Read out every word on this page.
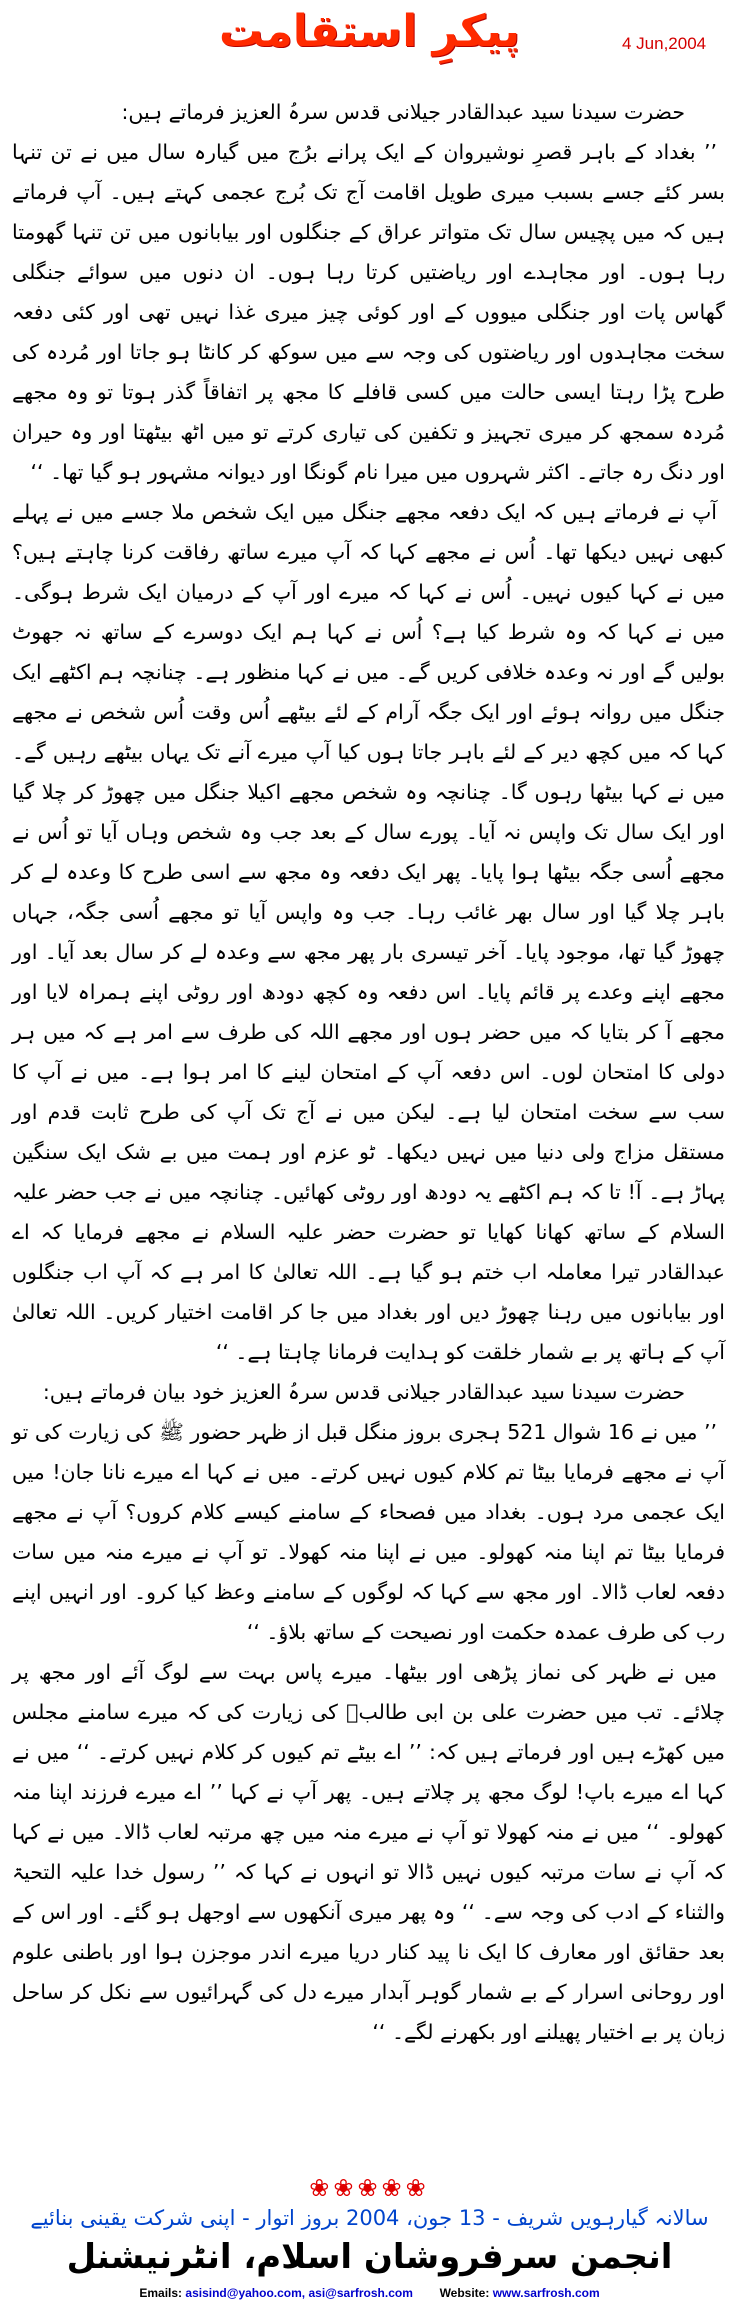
4 Jun,2004
پیکرِ استقامت

حضرت سیدنا سید عبدالقادر جیلانی قدس سرہُ العزیز فرماتے ہیں:

’’ بغداد کے باہر قصرِ نوشیروان کے ایک پرانے برُج میں گیارہ سال میں نے تن تنہا بسر کئے جسے بسبب میری طویل اقامت آج تک بُرج عجمی کہتے ہیں۔ آپ فرماتے ہیں کہ میں پچیس سال تک متواتر عراق کے جنگلوں اور بیابانوں میں تن تنہا گھومتا رہا ہوں۔ اور مجاہدے اور ریاضتیں کرتا رہا ہوں۔ ان دنوں میں سوائے جنگلی گھاس پات اور جنگلی میووں کے اور کوئی چیز میری غذا نہیں تھی اور کئی دفعہ سخت مجاہدوں اور ریاضتوں کی وجہ سے میں سوکھ کر کانٹا ہو جاتا اور مُردہ کی طرح پڑا رہتا ایسی حالت میں کسی قافلے کا مجھ پر اتفاقاً گذر ہوتا تو وہ مجھے مُردہ سمجھ کر میری تجہیز و تکفین کی تیاری کرتے تو میں اٹھ بیٹھتا اور وہ حیران اور دنگ رہ جاتے۔ اکثر شہروں میں میرا نام گونگا اور دیوانہ مشہور ہو گیا تھا۔ ‘‘

آپ نے فرماتے ہیں کہ ایک دفعہ مجھے جنگل میں ایک شخص ملا جسے میں نے پہلے کبھی نہیں دیکھا تھا۔ اُس نے مجھے کہا کہ آپ میرے ساتھ رفاقت کرنا چاہتے ہیں؟ میں نے کہا کیوں نہیں۔ اُس نے کہا کہ میرے اور آپ کے درمیان ایک شرط ہوگی۔ میں نے کہا کہ وہ شرط کیا ہے؟ اُس نے کہا ہم ایک دوسرے کے ساتھ نہ جھوٹ بولیں گے اور نہ وعدہ خلافی کریں گے۔ میں نے کہا منظور ہے۔ چنانچہ ہم اکٹھے ایک جنگل میں روانہ ہوئے اور ایک جگہ آرام کے لئے بیٹھے اُس وقت اُس شخص نے مجھے کہا کہ میں کچھ دیر کے لئے باہر جاتا ہوں کیا آپ میرے آنے تک یہاں بیٹھے رہیں گے۔ میں نے کہا بیٹھا رہوں گا۔ چنانچہ وہ شخص مجھے اکیلا جنگل میں چھوڑ کر چلا گیا اور ایک سال تک واپس نہ آیا۔ پورے سال کے بعد جب وہ شخص وہاں آیا تو اُس نے مجھے اُسی جگہ بیٹھا ہوا پایا۔ پھر ایک دفعہ وہ مجھ سے اسی طرح کا وعدہ لے کر باہر چلا گیا اور سال بھر غائب رہا۔ جب وہ واپس آیا تو مجھے اُسی جگہ، جہاں چھوڑ گیا تھا، موجود پایا۔ آخر تیسری بار پھر مجھ سے وعدہ لے کر سال بعد آیا۔ اور مجھے اپنے وعدے پر قائم پایا۔ اس دفعہ وہ کچھ دودھ اور روٹی اپنے ہمراہ لایا اور مجھے آ کر بتایا کہ میں حضر ہوں اور مجھے اللہ کی طرف سے امر ہے کہ میں ہر دولی کا امتحان لوں۔ اس دفعہ آپ کے امتحان لینے کا امر ہوا ہے۔ میں نے آپ کا سب سے سخت امتحان لیا ہے۔ لیکن میں نے آج تک آپ کی طرح ثابت قدم اور مستقل مزاج ولی دنیا میں نہیں دیکھا۔ ٹو عزم اور ہمت میں بے شک ایک سنگین پہاڑ ہے۔ آ! تا کہ ہم اکٹھے یہ دودھ اور روٹی کھائیں۔ چنانچہ میں نے جب حضر علیہ السلام کے ساتھ کھانا کھایا تو حضرت حضر علیہ السلام نے مجھے فرمایا کہ اے عبدالقادر تیرا معاملہ اب ختم ہو گیا ہے۔ اللہ تعالیٰ کا امر ہے کہ آپ اب جنگلوں اور بیابانوں میں رہنا چھوڑ دیں اور بغداد میں جا کر اقامت اختیار کریں۔ اللہ تعالیٰ آپ کے ہاتھ پر بے شمار خلقت کو ہدایت فرمانا چاہتا ہے۔ ‘‘

حضرت سیدنا سید عبدالقادر جیلانی قدس سرہُ العزیز خود بیان فرماتے ہیں:

’’ میں نے 16 شوال 521 ہجری بروز منگل قبل از ظہر حضور ﷺ کی زیارت کی تو آپ نے مجھے فرمایا بیٹا تم کلام کیوں نہیں کرتے۔ میں نے کہا اے میرے نانا جان! میں ایک عجمی مرد ہوں۔ بغداد میں فصحاء کے سامنے کیسے کلام کروں؟ آپ نے مجھے فرمایا بیٹا تم اپنا منہ کھولو۔ میں نے اپنا منہ کھولا۔ تو آپ نے میرے منہ میں سات دفعہ لعاب ڈالا۔ اور مجھ سے کہا کہ لوگوں کے سامنے وعظ کیا کرو۔ اور انہیں اپنے رب کی طرف عمدہ حکمت اور نصیحت کے ساتھ بلاؤ۔ ‘‘

میں نے ظہر کی نماز پڑھی اور بیٹھا۔ میرے پاس بہت سے لوگ آئے اور مجھ پر چلائے۔ تب میں حضرت علی بن ابی طالبؓ کی زیارت کی کہ میرے سامنے مجلس میں کھڑے ہیں اور فرماتے ہیں کہ: ’’ اے بیٹے تم کیوں کر کلام نہیں کرتے۔ ‘‘ میں نے کہا اے میرے باپ! لوگ مجھ پر چلاتے ہیں۔ پھر آپ نے کہا ’’ اے میرے فرزند اپنا منہ کھولو۔ ‘‘ میں نے منہ کھولا تو آپ نے میرے منہ میں چھ مرتبہ لعاب ڈالا۔ میں نے کہا کہ آپ نے سات مرتبہ کیوں نہیں ڈالا تو انہوں نے کہا کہ ’’ رسول خدا علیہ التحیۃ والثناء کے ادب کی وجہ سے۔ ‘‘ وہ پھر میری آنکھوں سے اوجھل ہو گئے۔ اور اس کے بعد حقائق اور معارف کا ایک نا پید کنار دریا میرے اندر موجزن ہوا اور باطنی علوم اور روحانی اسرار کے بے شمار گوہر آبدار میرے دل کی گہرائیوں سے نکل کر ساحل زبان پر بے اختیار پھیلنے اور بکھرنے لگے۔ ‘‘

❀❀❀❀❀
سالانہ گیارہویں شریف - 13 جون، 2004 بروز اتوار - اپنی شرکت یقینی بنائیے
انجمن سرفروشان اسلام، انٹرنیشنل
Emails: asisind@yahoo.com, asi@sarfrosh.com Website: www.sarfrosh.com
